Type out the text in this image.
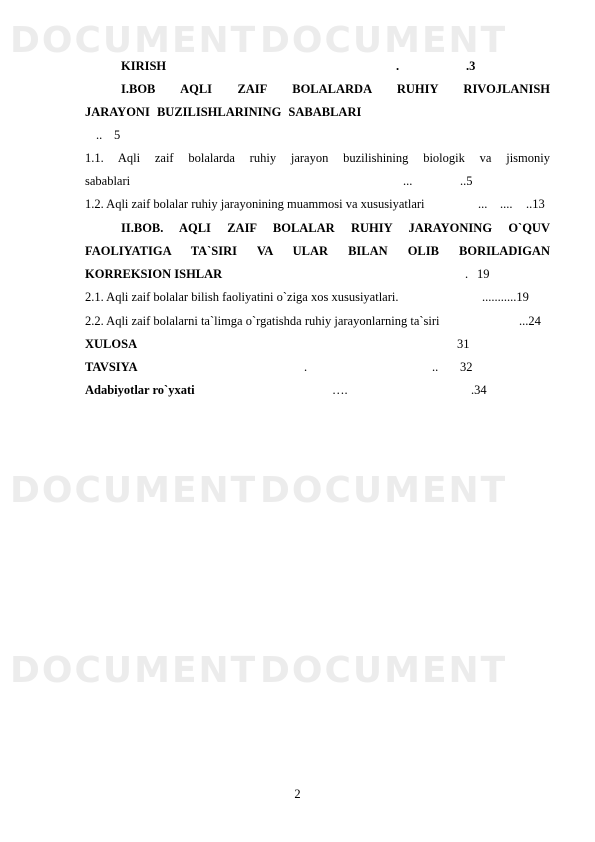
DOCUMENT DOCUMENT
DOCUMENT DOCUMENT
DOCUMENT DOCUMENT
KIRISH	.	.3
I.BOB AQLI ZAIF BOLALARDA RUHIY RIVOJLANISH
JARAYONI BUZILISHLARINING SABABLARI
.. 5
1.1. Aqli zaif bolalarda ruhiy jarayon buzilishining biologik va jismoniy
sabablari	...	..5
1.2. Aqli zaif bolalar ruhiy jarayonining muammosi va xususiyatlari	... .... ..13
II.BOB. AQLI ZAIF BOLALAR RUHIY JARAYONING O`QUV
FAOLIYATIGA TA`SIRI VA ULAR BILAN OLIB BORILADIGAN
KORREKSION ISHLAR	. 19
2.1. Aqli zaif bolalar bilish faoliyatini o`ziga xos xususiyatlari.	...........19
2.2. Aqli zaif bolalarni ta`limga o`rgatishda ruhiy jarayonlarning ta`siri	...24
XULOSA	31
TAVSIYA	.	.. 32
Adabiyotlar ro`yxati	….	.34
2
